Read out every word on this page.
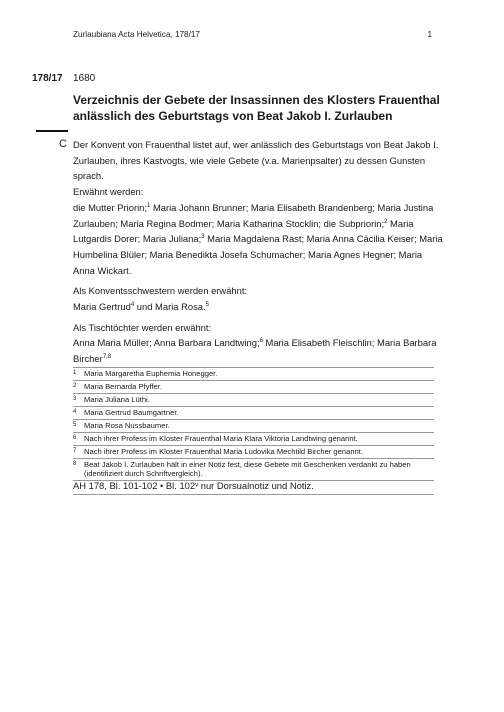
Zurlaubiana Acta Helvetica, 178/17	1
178/17 1680
Verzeichnis der Gebete der Insassinnen des Klosters Frauenthal anlässlich des Geburtstags von Beat Jakob I. Zurlauben
C Der Konvent von Frauenthal listet auf, wer anlässlich des Geburtstags von Beat Jakob I. Zurlauben, ihres Kastvogts, wie viele Gebete (v.a. Marienpsalter) zu dessen Gunsten sprach.

Erwähnt werden:

die Mutter Priorin;$^1$ Maria Johann Brunner; Maria Elisabeth Brandenberg; Maria Justina Zurlauben; Maria Regina Bodmer; Maria Katharina Stocklin; die Subpriorin;$^2$ Maria Lutgardis Dorer; Maria Juliana;$^3$ Maria Magdalena Rast; Maria Anna Cäcilia Keiser; Maria Humbelina Blüler; Maria Benedikta Josefa Schumacher; Maria Agnes Hegner; Maria Anna Wickart.

Als Konventsschwestern werden erwähnt:

Maria Gertrud$^4$ und Maria Rosa.$^5$

Als Tischtöchter werden erwähnt:

Anna Maria Müller; Anna Barbara Landtwing;$^6$ Maria Elisabeth Fleischlin; Maria Barbara Bircher$^{7,8}$

1	Maria Margaretha Euphemia Honegger.
2	Maria Bernarda Pfyffer.
3	Maria Juliana Lüthi.
4	Maria Gertrud Baumgartner.
5	Maria Rosa Nussbaumer.
6	Nach ihrer Profess im Kloster Frauenthal Maria Klara Viktoria Landtwing genannt.
7	Nach ihrer Profess im Kloster Frauenthal Maria Ludovika Mechtild Bircher genannt.
8	Beat Jakob I. Zurlauben hält in einer Notiz fest, diese Gebete mit Geschenken verdankt zu haben (identifiziert durch Schriftvergleich).
AH 178, Bl. 101-102 • Bl. 102ᵛ nur Dorsualnotiz und Notiz.
